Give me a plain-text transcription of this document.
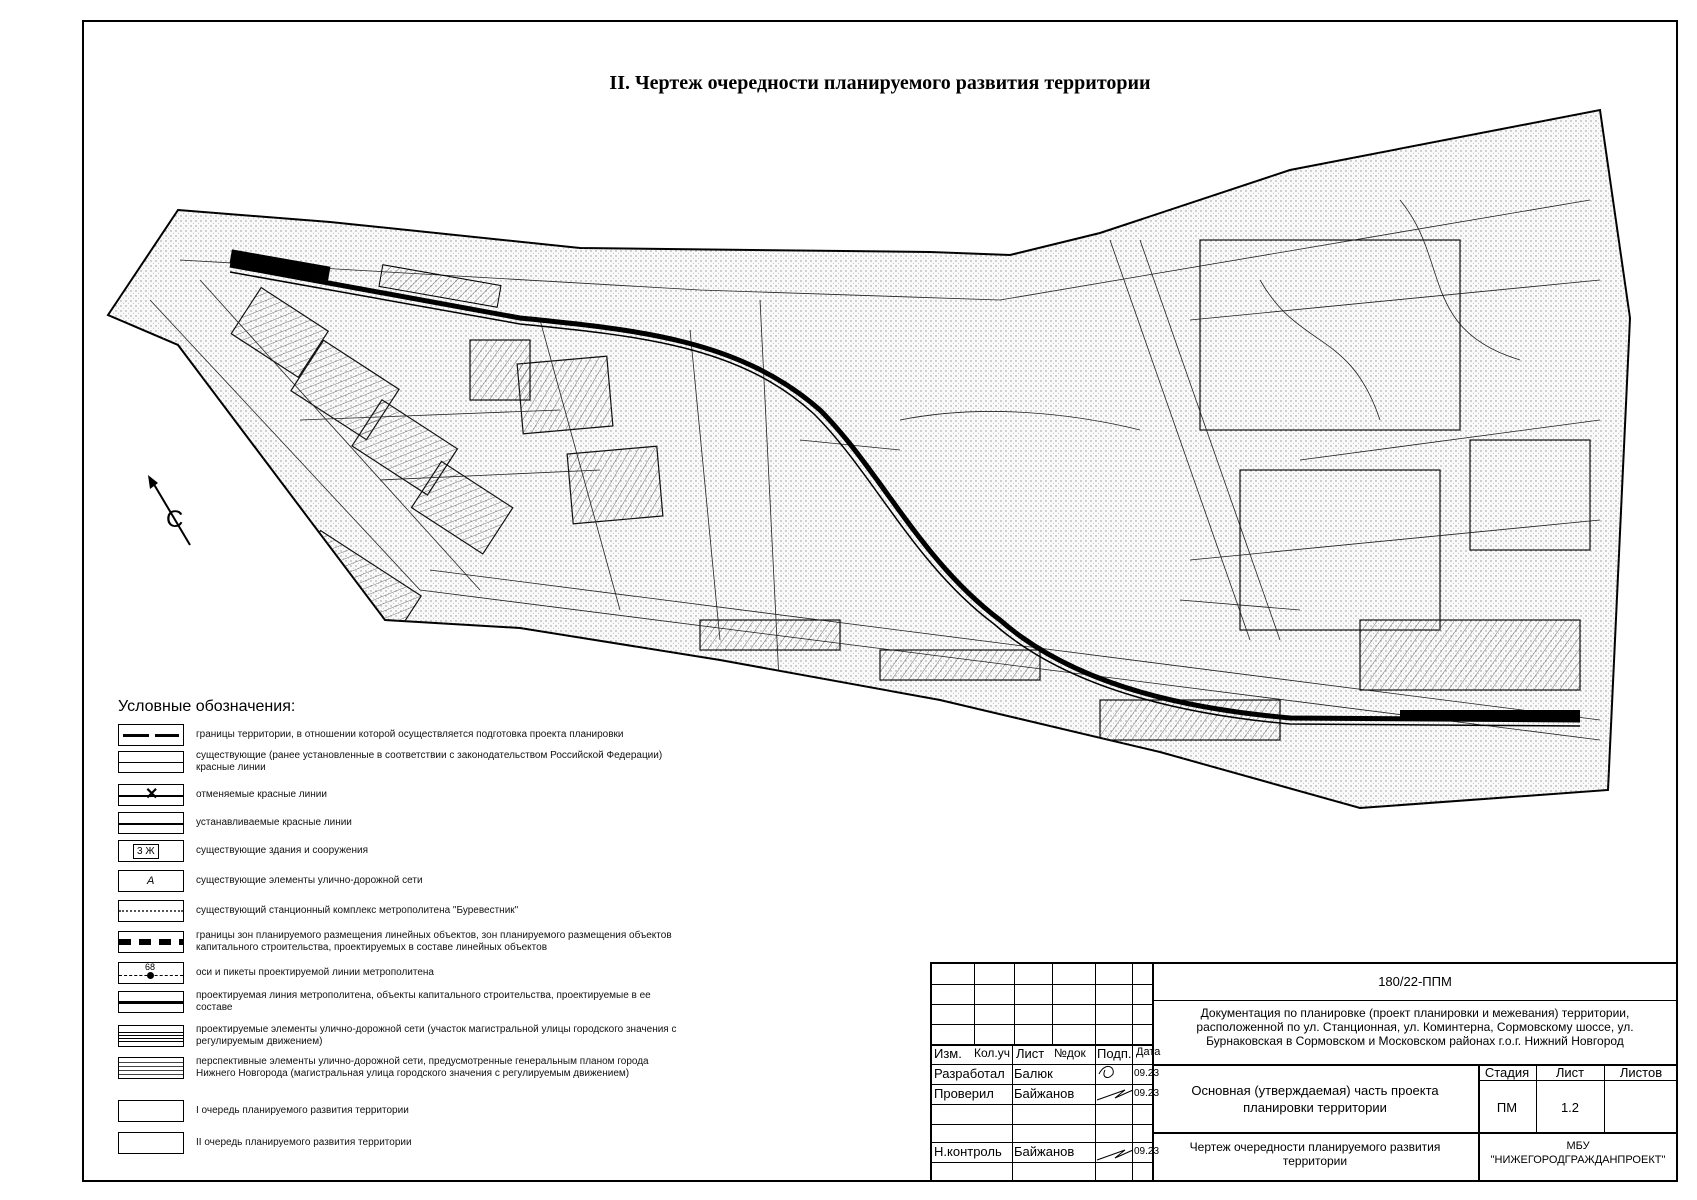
II. Чертеж очередности планируемого развития территории
С
Условные обозначения:
границы территории, в отношении которой осуществляется подготовка проекта планировки
существующие (ранее установленные в соответствии с законодательством Российской Федерации) красные линии
✕	отменяемые красные линии
устанавливаемые красные линии
3 Ж	существующие здания и сооружения
А	существующие элементы улично-дорожной сети
существующий станционный комплекс метрополитена "Буревестник"
границы зон планируемого размещения линейных объектов, зон планируемого размещения объектов капитального строительства, проектируемых в составе линейных объектов
68	оси и пикеты проектируемой линии метрополитена
проектируемая линия метрополитена, объекты капитального строительства, проектируемые в ее составе
проектируемые элементы улично-дорожной сети (участок магистральной улицы городского значения с регулируемым движением)
перспективные элементы улично-дорожной сети, предусмотренные генеральным планом города Нижнего Новгорода (магистральная улица городского значения с регулируемым движением)
I очередь планируемого развития территории
II очередь планируемого развития территории
Изм. Кол.уч Лист №док Подп. Дата
Разработал Балюк	09.23
Проверил Байжанов	09.23
Н.контроль Байжанов	09.23
180/22-ППМ
Документация по планировке (проект планировки и межевания) территории, расположенной по ул. Станционная, ул. Коминтерна, Сормовскому шоссе, ул. Бурнаковская в Сормовском и Московском районах г.о.г. Нижний Новгород
Основная (утверждаемая) часть проекта планировки территории
Чертеж очередности планируемого развития территории
Стадия	Лист	Листов
ПМ	1.2
МБУ
"НИЖЕГОРОДГРАЖДАНПРОЕКТ"
